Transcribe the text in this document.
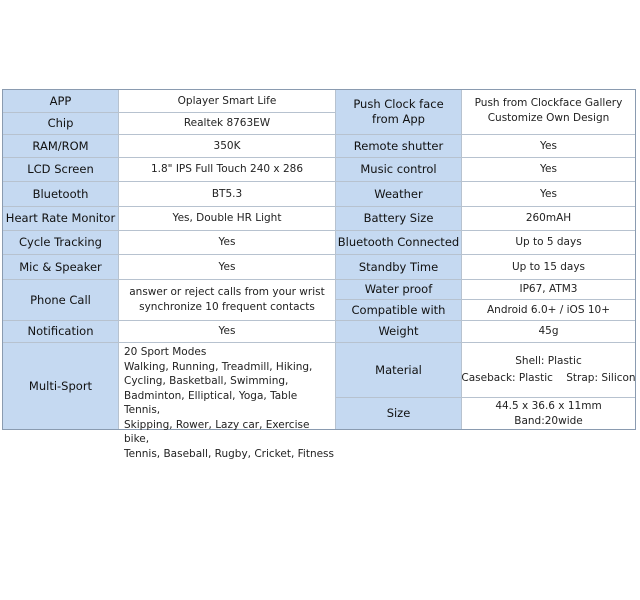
APP
Chip
RAM/ROM
LCD Screen
Bluetooth
Heart Rate Monitor
Cycle Tracking
Mic & Speaker
Phone Call
Notification
Multi-Sport
Oplayer Smart Life
Realtek 8763EW
350K
1.8" IPS Full Touch 240 x 286
BT5.3
Yes, Double HR Light
Yes
Yes
answer or reject calls from your wrist
synchronize 10 frequent contacts
Yes
20 Sport Modes
Walking, Running, Treadmill, Hiking,
Cycling, Basketball, Swimming,
Badminton, Elliptical, Yoga, Table Tennis,
Skipping, Rower, Lazy car, Exercise bike,
Tennis, Baseball, Rugby, Cricket, Fitness
Push Clock face
from App
Remote shutter
Music control
Weather
Battery Size
Bluetooth Connected
Standby Time
Water proof
Compatible with
Weight
Material
Size
Push from Clockface Gallery
Customize Own Design
Yes
Yes
Yes
260mAH
Up to 5 days
Up to 15 days
IP67, ATM3
Android 6.0+ / iOS 10+
45g
Shell: Plastic
Caseback: Plastic    Strap: Silicon
44.5 x 36.6 x 11mm
Band:20wide
